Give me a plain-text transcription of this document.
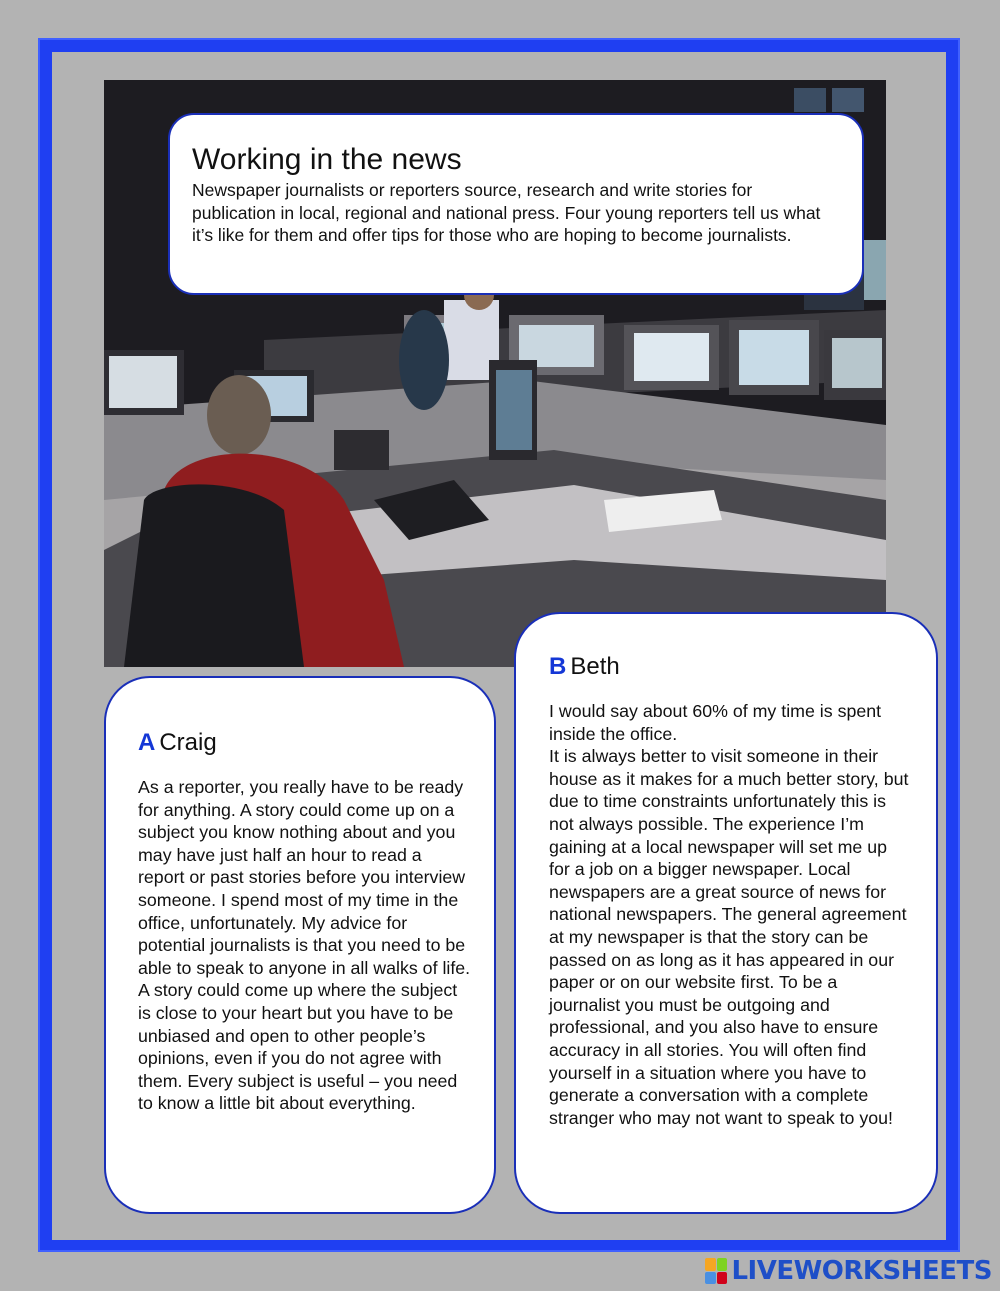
Working in the news
Newspaper journalists or reporters source, research and write stories for publication in local, regional and national press. Four young reporters tell us what it’s like for them and offer tips for those who are hoping to become journalists.
A Craig
As a reporter, you really have to be ready for anything. A story could come up on a subject you know nothing about and you may have just half an hour to read a report or past stories before you interview someone. I spend most of my time in the office, unfortunately. My advice for potential journalists is that you need to be able to speak to anyone in all walks of life. A story could come up where the subject is close to your heart but you have to be unbiased and open to other people’s opinions, even if you do not agree with them. Every subject is useful – you need to know a little bit about everything.
B Beth
I would say about 60% of my time is spent inside the office.
It is always better to visit someone in their house as it makes for a much better story, but due to time constraints unfortunately this is not always possible. The experience I’m gaining at a local newspaper will set me up for a job on a bigger newspaper. Local newspapers are a great source of news for national newspapers. The general agreement at my newspaper is that the story can be passed on as long as it has appeared in our paper or on our website first. To be a journalist you must be outgoing and professional, and you also have to ensure accuracy in all stories. You will often find yourself in a situation where you have to generate a conversation with a complete stranger who may not want to speak to you!
LIVEWORKSHEETS
